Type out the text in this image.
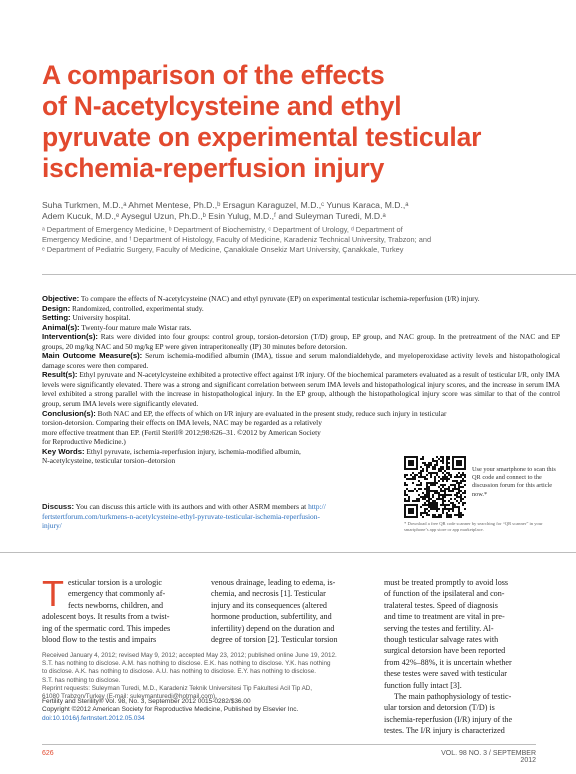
A comparison of the effects
of N-acetylcysteine and ethyl
pyruvate on experimental testicular
ischemia-reperfusion injury
Suha Turkmen, M.D.,ᵃ Ahmet Mentese, Ph.D.,ᵇ Ersagun Karaguzel, M.D.,ᶜ Yunus Karaca, M.D.,ᵃ
Adem Kucuk, M.D.,ᵉ Aysegul Uzun, Ph.D.,ᵇ Esin Yulug, M.D.,ᶠ and Suleyman Turedi, M.D.ᵃ
ᵃ Department of Emergency Medicine, ᵇ Department of Biochemistry, ᶜ Department of Urology, ᵈ Department of
Emergency Medicine, and ᶠ Department of Histology, Faculty of Medicine, Karadeniz Technical University, Trabzon; and
ᵉ Department of Pediatric Surgery, Faculty of Medicine, Çanakkale Onsekiz Mart University, Çanakkale, Turkey
Objective: To compare the effects of N-acetylcysteine (NAC) and ethyl pyruvate (EP) on experimental testicular ischemia-reperfusion (I/R) injury.
Design: Randomized, controlled, experimental study.
Setting: University hospital.
Animal(s): Twenty-four mature male Wistar rats.
Intervention(s): Rats were divided into four groups: control group, torsion-detorsion (T/D) group, EP group, and NAC group. In the pretreatment of the NAC and EP groups, 20 mg/kg NAC and 50 mg/kg EP were given intraperitoneally (IP) 30 minutes before detorsion.
Main Outcome Measure(s): Serum ischemia-modified albumin (IMA), tissue and serum malondialdehyde, and myeloperoxidase activity levels and histopathological damage scores were then compared.
Result(s): Ethyl pyruvate and N-acetylcysteine exhibited a protective effect against I/R injury. Of the biochemical parameters evaluated as a result of testicular I/R, only IMA levels were significantly elevated. There was a strong and significant correlation between serum IMA levels and histopathological injury scores, and the increase in serum IMA level exhibited a strong parallel with the increase in histopathological injury. In the EP group, although the histopathological injury score was similar to that of the control group, serum IMA levels were significantly elevated.
Conclusion(s): Both NAC and EP, the effects of which on I/R injury are evaluated in the present study, reduce such injury in testicular
torsion-detorsion. Comparing their effects on IMA levels, NAC may be regarded as a relatively
more effective treatment than EP. (Fertil Steril® 2012;98:626–31. ©2012 by American Society
for Reproductive Medicine.)
Key Words: Ethyl pyruvate, ischemia-reperfusion injury, ischemia-modified albumin,
N-acetylcysteine, testicular torsion–detorsion
Use your smartphone to scan this QR code and connect to the discussion forum for this article now.*
* Download a free QR code scanner by searching for “QR scanner” in your smartphone’s app store or app marketplace.
Discuss: You can discuss this article with its authors and with other ASRM members at http://
fertstertforum.com/turkmens-n-acetylcysteine-ethyl-pyruvate-testicular-ischemia-reperfusion-
injury/
T esticular torsion is a urologic
emergency that commonly af-
fects newborns, children, and
adolescent boys. It results from a twist-
ing of the spermatic cord. This impedes
blood flow to the testis and impairs
venous drainage, leading to edema, is-
chemia, and necrosis [1]. Testicular
injury and its consequences (altered
hormone production, subfertility, and
infertility) depend on the duration and
degree of torsion [2]. Testicular torsion
must be treated promptly to avoid loss
of function of the ipsilateral and con-
tralateral testes. Speed of diagnosis
and time to treatment are vital in pre-
serving the testes and fertility. Al-
though testicular salvage rates with
surgical detorsion have been reported
from 42%–88%, it is uncertain whether
these testes were saved with testicular
function fully intact [3].
The main pathophysiology of testic-
ular torsion and detorsion (T/D) is
ischemia-reperfusion (I/R) injury of the
testes. The I/R injury is characterized
Received January 4, 2012; revised May 9, 2012; accepted May 23, 2012; published online June 19, 2012.
S.T. has nothing to disclose. A.M. has nothing to disclose. E.K. has nothing to disclose. Y.K. has nothing
to disclose. A.K. has nothing to disclose. A.U. has nothing to disclose. E.Y. has nothing to disclose.
S.T. has nothing to disclose.
Reprint requests: Suleyman Turedi, M.D., Karadeniz Teknik Universitesi Tip Fakultesi Acil Tip AD,
61080 Trabzon/Turkey (E-mail: suleymanturedi@hotmail.com).
Fertility and Sterility® Vol. 98, No. 3, September 2012 0015-0282/$36.00
Copyright ©2012 American Society for Reproductive Medicine, Published by Elsevier Inc.
doi:10.1016/j.fertnstert.2012.05.034
626	VOL. 98 NO. 3 / SEPTEMBER 2012
